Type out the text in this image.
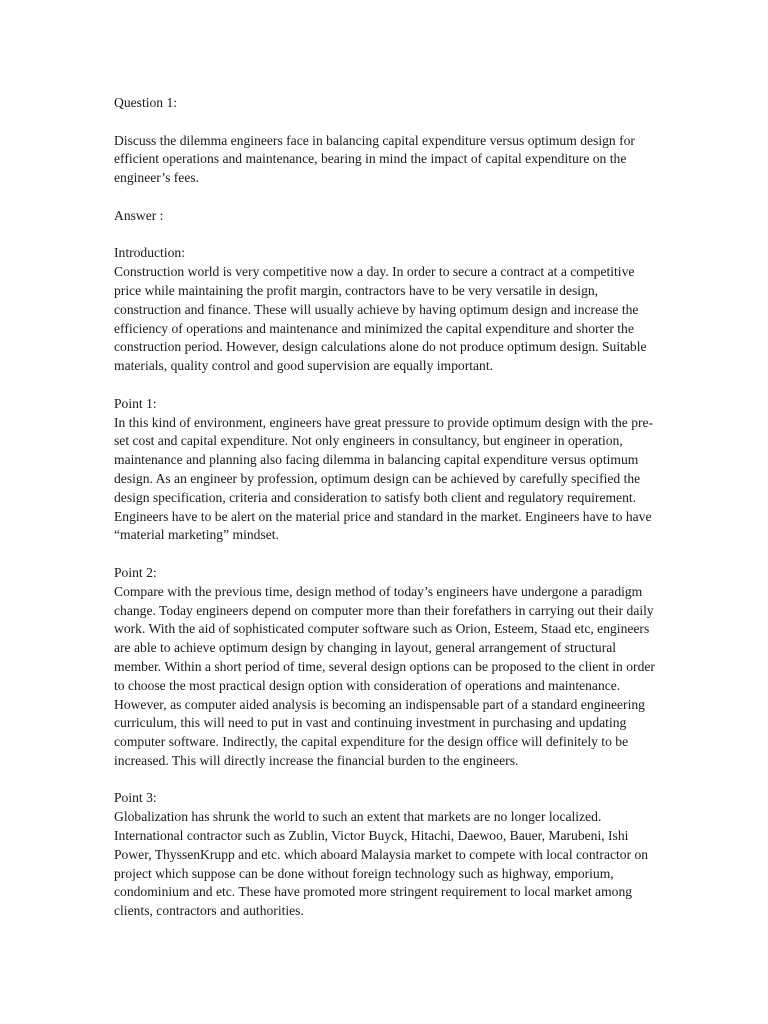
Question 1:

Discuss the dilemma engineers face in balancing capital expenditure versus optimum design for efficient operations and maintenance, bearing in mind the impact of capital expenditure on the engineer’s fees.

Answer :

Introduction:
Construction world is very competitive now a day. In order to secure a contract at a competitive price while maintaining the profit margin, contractors have to be very versatile in design, construction and finance. These will usually achieve by having optimum design and increase the efficiency of operations and maintenance and minimized the capital expenditure and shorter the construction period. However, design calculations alone do not produce optimum design. Suitable materials, quality control and good supervision are equally important.

Point 1:
In this kind of environment, engineers have great pressure to provide optimum design with the pre-set cost and capital expenditure. Not only engineers in consultancy, but engineer in operation, maintenance and planning also facing dilemma in balancing capital expenditure versus optimum design. As an engineer by profession, optimum design can be achieved by carefully specified the design specification, criteria and consideration to satisfy both client and regulatory requirement. Engineers have to be alert on the material price and standard in the market. Engineers have to have “material marketing” mindset.

Point 2:
Compare with the previous time, design method of today’s engineers have undergone a paradigm change. Today engineers depend on computer more than their forefathers in carrying out their daily work. With the aid of sophisticated computer software such as Orion, Esteem, Staad etc, engineers are able to achieve optimum design by changing in layout, general arrangement of structural member. Within a short period of time, several design options can be proposed to the client in order to choose the most practical design option with consideration of operations and maintenance. However, as computer aided analysis is becoming an indispensable part of a standard engineering curriculum, this will need to put in vast and continuing investment in purchasing and updating computer software. Indirectly, the capital expenditure for the design office will definitely to be increased. This will directly increase the financial burden to the engineers.

Point 3:
Globalization has shrunk the world to such an extent that markets are no longer localized. International contractor such as Zublin, Victor Buyck, Hitachi, Daewoo, Bauer, Marubeni, Ishi Power, ThyssenKrupp and etc. which aboard Malaysia market to compete with local contractor on project which suppose can be done without foreign technology such as highway, emporium, condominium and etc. These have promoted more stringent requirement to local market among clients, contractors and authorities.
